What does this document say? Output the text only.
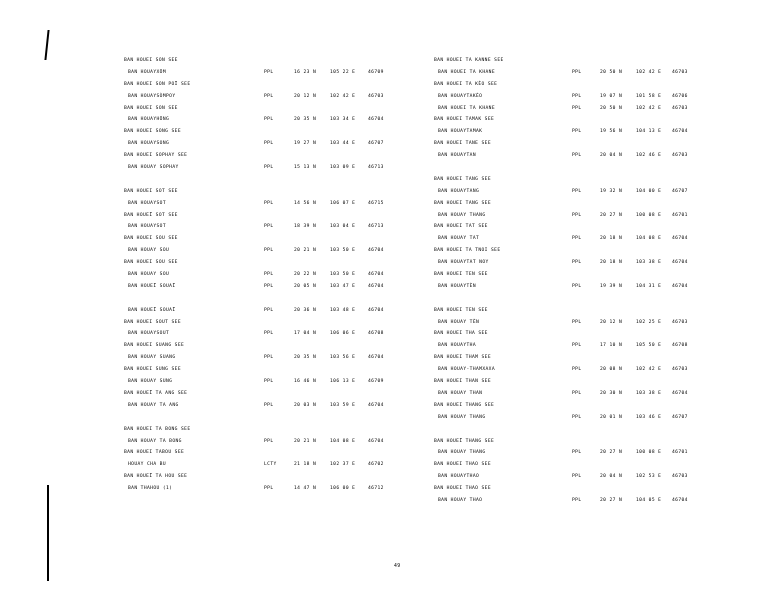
BAN HOUEI SON SEE
BAN HOUAYXŌM	PPL	16 23 N	105 22 E	46709
BAN HOUEI SON POÏ SEE
BAN HOUAYSÒMPOY	PPL	20 12 N	102 42 E	46703
BAN HOUEI SON SEE
BAN HOUAYHŌNG	PPL	20 35 N	103 34 E	46704
BAN HOUEI SONG SEE
BAN HOUAYSONG	PPL	19 27 N	103 44 E	46707
BAN HOUEI SOPHAY SEE
BAN HOUAY SOPHAY	PPL	15 13 N	103 09 E	46713
BAN HOUEI SOT SEE
BAN HOUAYSOT	PPL	14 56 N	106 07 E	46715
BAN HOUEÏ SOT SEE
BAN HOUAYSOT	PPL	18 39 N	103 04 E	46713
BAN HOUEI SOU SEE
BAN HOUAY SOU	PPL	20 21 N	103 50 E	46704
BAN HOUEI SOU SEE
BAN HOUAY SOU	PPL	20 22 N	103 50 E	46704
BAN HOUEÏ SOUAÏ	PPL	20 05 N	103 47 E	46704
BAN HOUEÏ SOUAÏ	PPL	20 36 N	103 48 E	46704
BAN HOUEI SOUT SEE
BAN HOUAYSOUT	PPL	17 04 N	106 06 E	46708
BAN HOUEI SUANG SEE
BAN HOUAY SUANG	PPL	20 35 N	103 56 E	46704
BAN HOUEI SUNG SEE
BAN HOUAY SUNG	PPL	16 46 N	106 13 E	46709
BAN HOUEÏ TA ANG SEE
BAN HOUAY TA ANG	PPL	20 03 N	103 59 E	46704
BAN HOUEI TA BONG SEE
BAN HOUAY TA BONG	PPL	20 21 N	104 08 E	46704
BAN HOUEI TABOU SEE
HOUAY CHA BU	LCTY	21 18 N	102 37 E	46702
BAN HOUEÏ TA HOU SEE
BAN THAHOU (1)	PPL	14 47 N	106 00 E	46712
BAN HOUEI TA KANNE SEE
BAN HOUEI TA KHANE	PPL	20 50 N	102 42 E 46703
BAN HOUEI TA KÈO SEE
BAN HOUAYTAKÈO	PPL	19 07 N	101 58 E 46706
BAN HOUEI TA KHANE	PPL	20 50 N	102 42 E 46703
BAN HOUEI TAMAK SEE
BAN HOUAYTAMAK	PPL	19 56 N	104 13 E 46704
BAN HOUEI TANE SEE
BAN HOUAYTAN	PPL	20 04 N	102 46 E 46703
BAN HOUEI TANG SEE
BAN HOUAYTANG	PPL	19 32 N	104 00 E 46707
BAN HOUEI TANG SEE
BAN HOUAY THANG	PPL	20 27 N	100 08 E 46701
BAN HOUEI TAT SEE
BAN HOUAY TAT	PPL	20 18 N	104 08 E 46704
BAN HOUEI TA TNOI SEE
BAN HOUAYTAT NOY	PPL	20 18 N	103 38 E 46704
BAN HOUEI TEN SEE
BAN HOUAYTÈN	PPL	19 39 N	104 31 E 46704
BAN HOUEI TEN SEE
BAN HOUAY TÈN	PPL	20 12 N	102 25 E 46703
BAN HOUEI THA SEE
BAN HOUAYTHA	PPL	17 10 N	105 50 E 46708
BAN HOUEI THAM SEE
BAN HOUAY-THAMXAXA	PPL	20 08 N	102 42 E 46703
BAN HOUEI THAN SEE
BAN HOUAY THAN	PPL	20 30 N	103 38 E 46704
BAN HOUEI THANG SEE
BAN HOUAY THANG	PPL	20 01 N	103 46 E 46707
BAN HOUEÏ THANG SEE
BAN HOUAY THANG	PPL	20 27 N	100 08 E 46701
BAN HOUEI THAO SEE
BAN HOUAYTHAO	PPL	20 04 N	102 53 E 46703
BAN HOUEI THAO SEE
BAN HOUAY THAO	PPL	20 27 N	104 05 E 46704
49
